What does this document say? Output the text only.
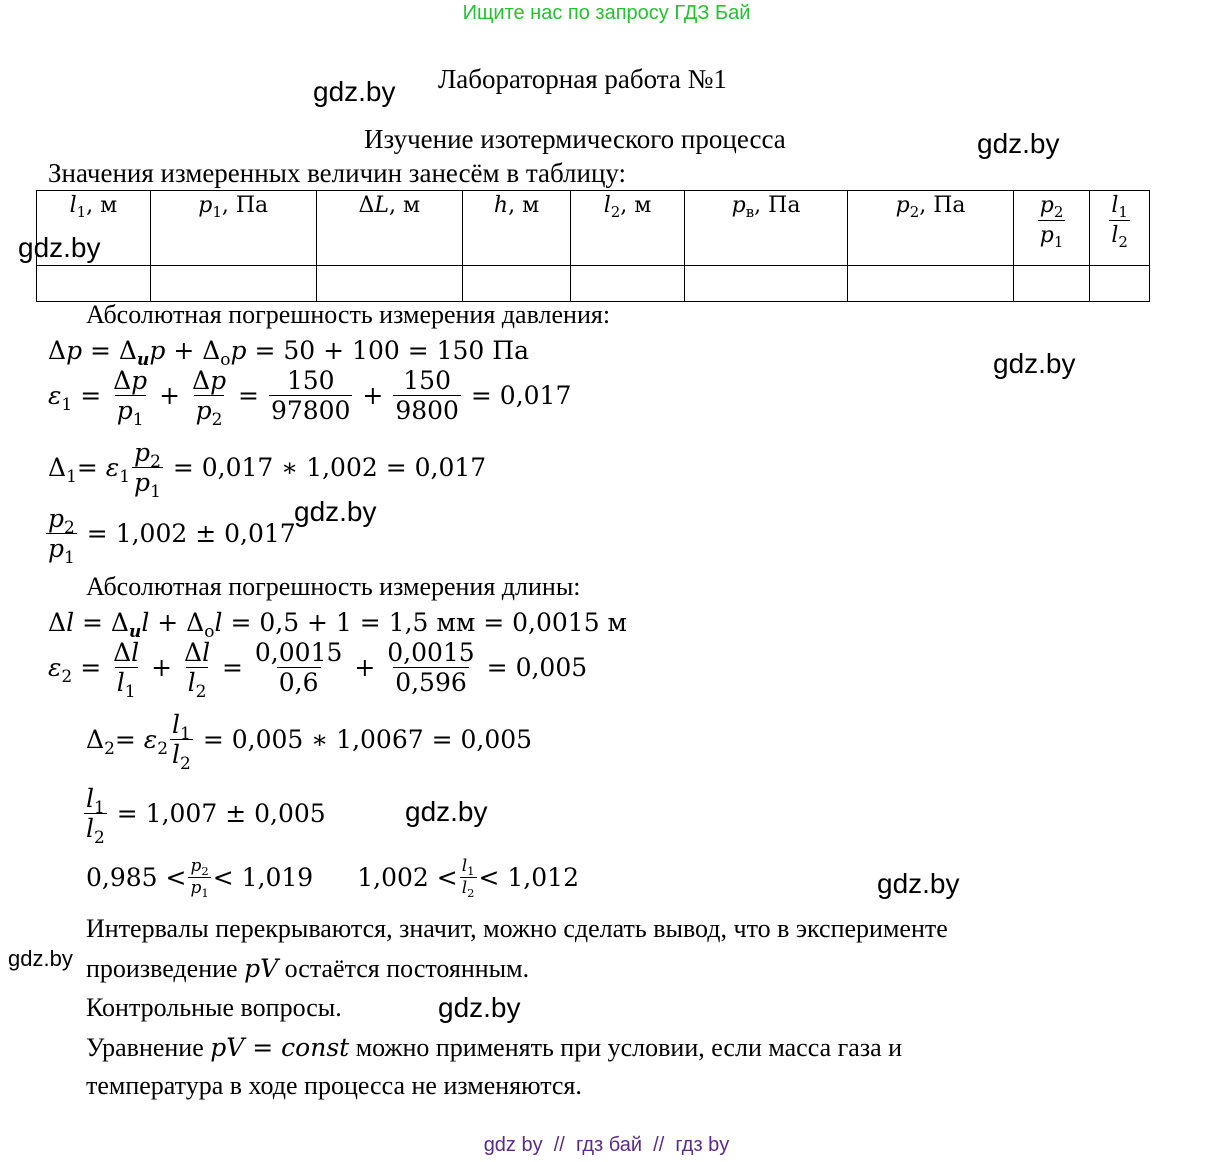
Ищите нас по запросу ГДЗ Бай
Лабораторная работа №1
Изучение изотермического процесса
Значения измеренных величин занесём в таблицу:
$l_1$, м	$p_1$, Па	ΔL, м	h, м	$l_2$, м	$p_в$, Па	$p_2$, Па	$\frac{p_2}{p_1}$	$\frac{l_1}{l_2}$

Абсолютная погрешность измерения давления:
$\Delta p = \Delta_иp + \Delta_op = 50 + 100 = 150$ Па
$\varepsilon_1 = \frac{\Delta p}{p_1} + \frac{\Delta p}{p_2} = \frac{150}{97800} + \frac{150}{9800}$
= 0,017
$\Delta_1= \varepsilon_1 \frac{p_2}{p_1}$
= 0,017 ∗ 1,002 = 0,017
$\frac{p_2}{p_1}$
= 1,002 ± 0,017
Абсолютная погрешность измерения длины:
$\Delta l = \Delta_иl + \Delta_ol = 0,5 + 1 = 1,5$ мм = 0,0015 м
$\varepsilon_2 = \frac{\Delta l}{l_1} + \frac{\Delta l}{l_2} = \frac{0,0015}{0,6} + \frac{0,0015}{0,596}$
= 0,005
$\Delta_2= \varepsilon_2 \frac{l_1}{l_2}$
= 0,005 ∗ 1,0067 = 0,005
$\frac{l_1}{l_2}$
= 1,007 ± 0,005
$0,985 < \frac{p_2}{p_1} < 1,019$ $1,002 < \frac{l_1}{l_2} < 1,012$
Интервалы перекрываются, значит, можно сделать вывод, что в эксперименте
произведение pV остаётся постоянным.
Контрольные вопросы.
Уравнение pV = const можно применять при условии, если масса газа и
температура в ходе процесса не изменяются.
gdz.by
gdz.by
gdz.by
gdz.by
gdz.by
gdz.by
gdz.by
gdz.by
gdz.by
gdz by  //  гдз бай  //  гдз by
